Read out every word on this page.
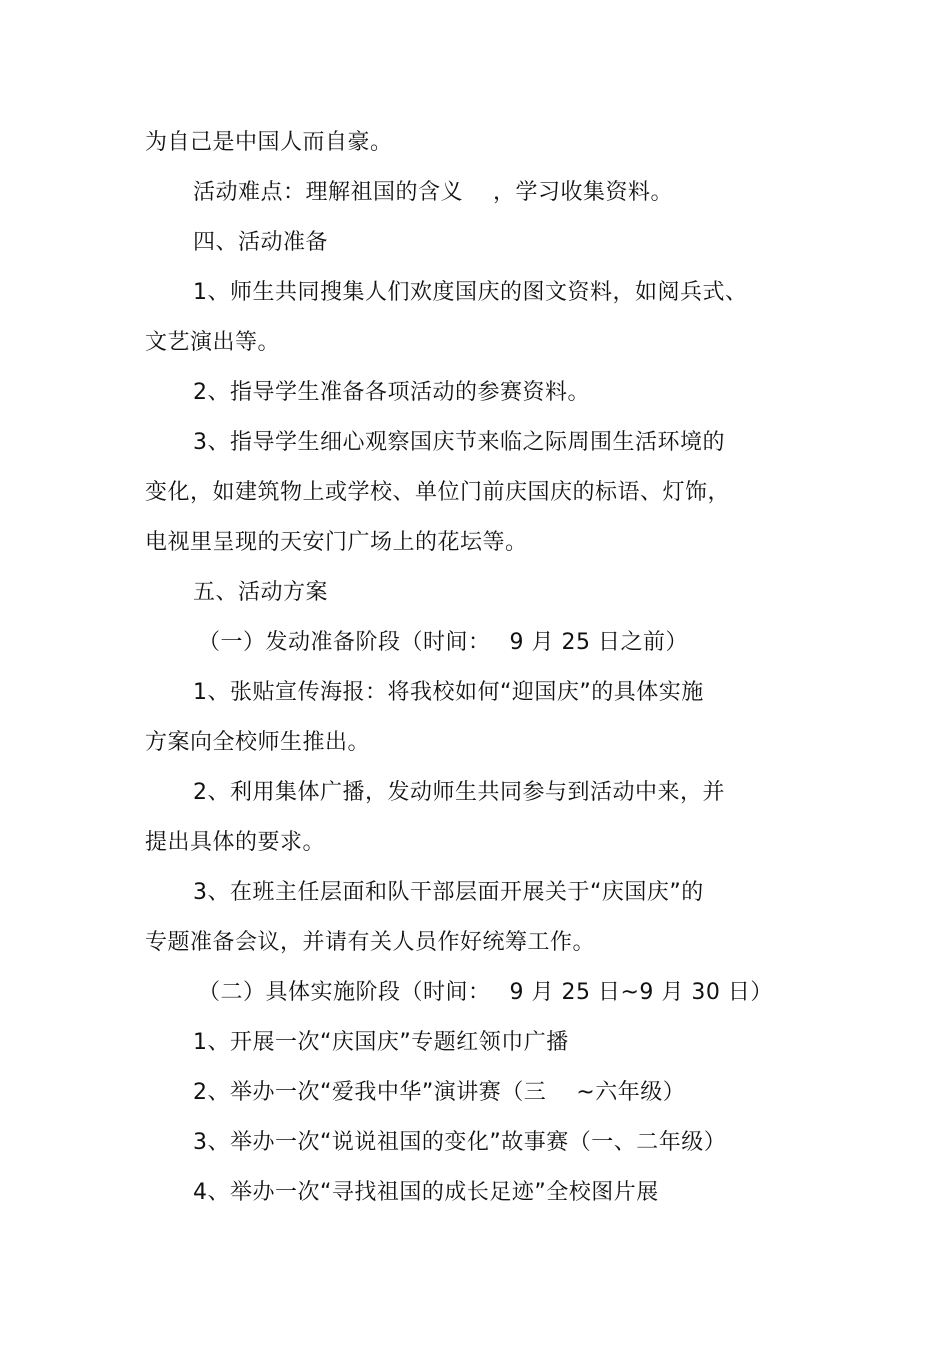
为自己是中国人而自豪。
活动难点：理解祖国的含义　 ，学习收集资料。
四、活动准备
1、师生共同搜集人们欢度国庆的图文资料，如阅兵式、
文艺演出等。
2、指导学生准备各项活动的参赛资料。
3、指导学生细心观察国庆节来临之际周围生活环境的
变化，如建筑物上或学校、单位门前庆国庆的标语、灯饰，
电视里呈现的天安门广场上的花坛等。
五、活动方案
（一）发动准备阶段（时间：　 9 月 25 日之前）
1、张贴宣传海报：将我校如何“迎国庆”的具体实施
方案向全校师生推出。
2、利用集体广播，发动师生共同参与到活动中来，并
提出具体的要求。
3、在班主任层面和队干部层面开展关于“庆国庆”的
专题准备会议，并请有关人员作好统筹工作。
（二）具体实施阶段（时间：　 9 月 25 日~9 月 30 日）
1、开展一次“庆国庆”专题红领巾广播
2、举办一次“爱我中华”演讲赛（三　 ~六年级）
3、举办一次“说说祖国的变化”故事赛（一、二年级）
4、举办一次“寻找祖国的成长足迹”全校图片展
